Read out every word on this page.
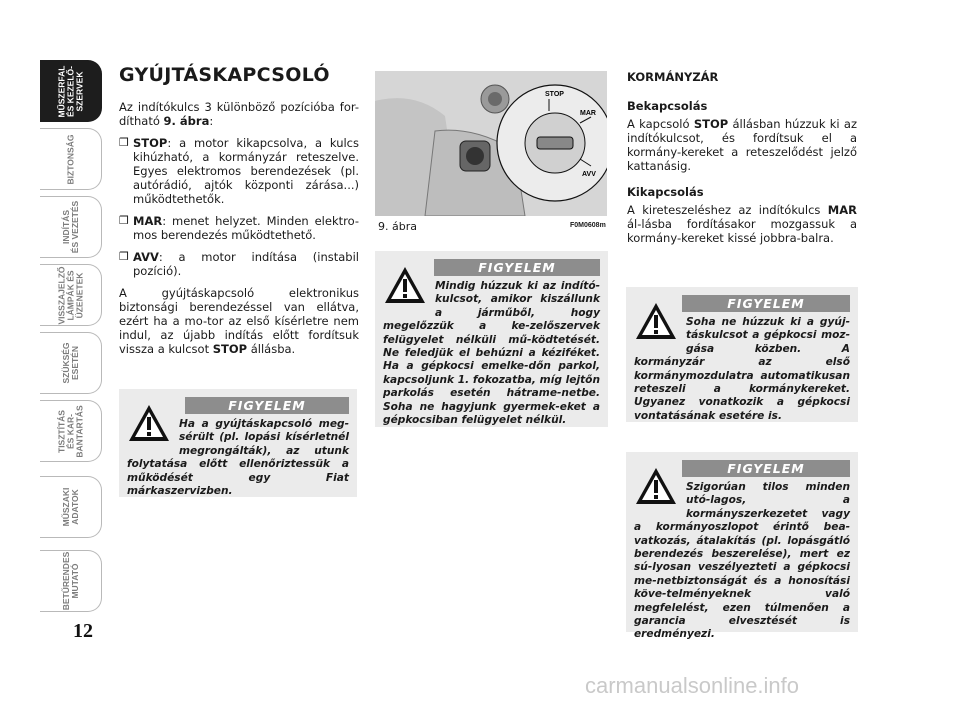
MŰSZERFAL
ÉS KEZELŐ-
SZERVEK
BIZTONSÁG
INDÍTÁS
ÉS VEZETÉS
VISSZAJELZŐ
LÁMPÁK ÉS
ÜZENETEK
SZÜKSÉG
ESETÉN
TISZTÍTÁS
ÉS KAR-
BANTARTÁS
MŰSZAKI
ADATOK
BETŰRENDES
MUTATÓ
12
GYÚJTÁSKAPCSOLÓ

Az indítókulcs 3 különböző pozícióba for-dítható 9. ábra:

❒ STOP: a motor kikapcsolva, a kulcs kihúzható, a kormányzár reteszelve. Egyes elektromos berendezések (pl. autórádió, ajtók központi zárása...) működtethetők.
❒ MAR: menet helyzet. Minden elektro-mos berendezés működtethető.
❒ AVV: a motor indítása (instabil pozíció).

A gyújtáskapcsoló elektronikus biztonsági berendezéssel van ellátva, ezért ha a mo-tor az első kísérletre nem indul, az újabb indítás előtt fordítsuk vissza a kulcsot STOP állásba.

FIGYELEM
Ha a gyújtáskapcsoló meg-sérült (pl. lopási kísérletnél megrongálták), az utunk folytatása előtt ellenőriztessük a működését egy Fiat márkaszervizben.
STOP
MAR
AVV
9. ábra	F0M0608m
FIGYELEM
Mindig húzzuk ki az indító-kulcsot, amikor kiszállunk a járműből, hogy megelőzzük a ke-zelőszervek felügyelet nélküli mű-ködtetését. Ne feledjük el behúzni a kéziféket. Ha a gépkocsi emelke-dőn parkol, kapcsoljunk 1. fokozatba, míg lejtőn parkolás esetén hátrame-netbe. Soha ne hagyjunk gyermek-eket a gépkocsiban felügyelet nélkül.
KORMÁNYZÁR
Bekapcsolás

A kapcsoló STOP állásban húzzuk ki az indítókulcsot, és fordítsuk el a kormány-kereket a reteszelődést jelző kattanásig.

Kikapcsolás

A kireteszeléshez az indítókulcs MAR ál-lásba fordításakor mozgassuk a kormány-kereket kissé jobbra-balra.

FIGYELEM
Soha ne húzzuk ki a gyúj-táskulcsot a gépkocsi moz-gása közben. A kormányzár az első kormánymozdulatra automatikusan reteszeli a kormánykereket. Ugyanez vonatkozik a gépkocsi vontatásának esetére is.
FIGYELEM
Szigorúan tilos minden utó-lagos, a kormányszerkezetet vagy a kormányoszlopot érintő bea-vatkozás, átalakítás (pl. lopásgátló berendezés beszerelése), mert ez sú-lyosan veszélyezteti a gépkocsi me-netbiztonságát és a honosítási köve-telményeknek való megfelelést, ezen túlmenően a garancia elvesztését is eredményezi.
carmanualsonline.info
